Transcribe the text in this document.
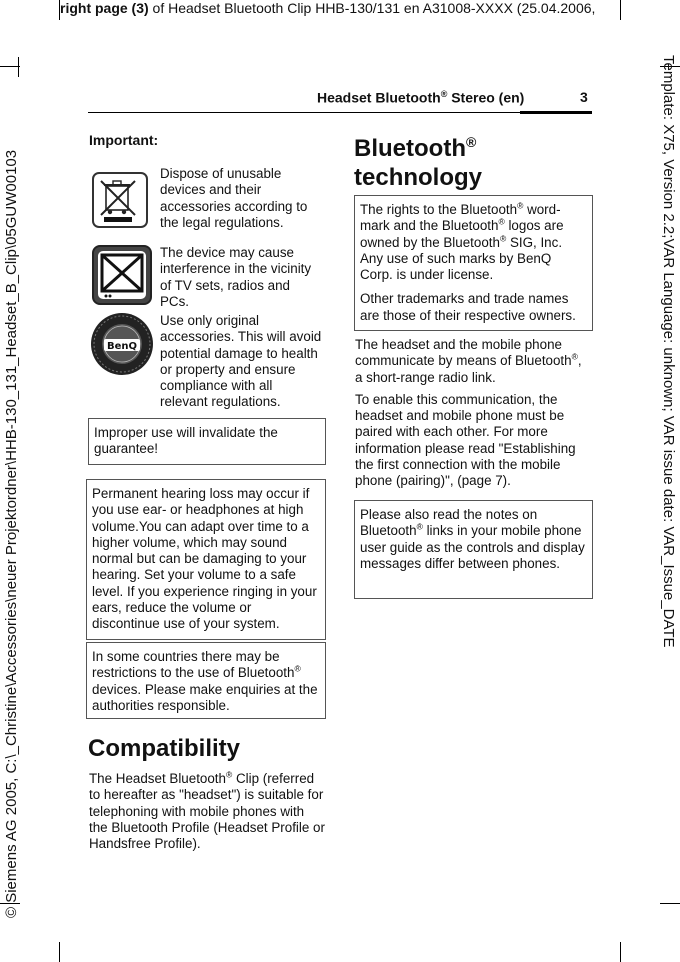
right page (3) of Headset Bluetooth Clip HHB-130/131 en A31008-XXXX (25.04.2006,
© Siemens AG 2005, C:\_Christine\Accessories\neuer Projektordner\HHB-130_131_Headset_B_Clip\05GUW00103	Template: X75, Version 2.2;VAR Language: unknown; VAR issue date: VAR_Issue_DATE
Headset Bluetooth® Stereo (en)	3
Important:
Dispose of unusable devices and their accessories according to the legal regulations.
The device may cause interference in the vicinity of TV sets, radios and PCs.
BenQ
Use only original accessories. This will avoid potential damage to health or property and ensure compliance with all relevant regulations.

Improper use will invalidate the guarantee!

Permanent hearing loss may occur if you use ear- or headphones at high volume.You can adapt over time to a higher volume, which may sound normal but can be damaging to your hearing. Set your volume to a safe level. If you experience ringing in your ears, reduce the volume or discontinue use of your system.

In some countries there may be restrictions to the use of Bluetooth® devices. Please make enquiries at the authorities responsible.

Compatibility
The Headset Bluetooth® Clip (referred to hereafter as "headset") is suitable for telephoning with mobile phones with the Bluetooth Profile (Headset Profile or Handsfree Profile).
Bluetooth®
technology

The rights to the Bluetooth® word-mark and the Bluetooth® logos are owned by the Bluetooth® SIG, Inc. Any use of such marks by BenQ Corp. is under license.

Other trademarks and trade names are those of their respective owners.

The headset and the mobile phone communicate by means of Bluetooth®, a short-range radio link.

To enable this communication, the headset and mobile phone must be paired with each other. For more information please read "Establishing the first connection with the mobile phone (pairing)", (page 7).

Please also read the notes on Bluetooth® links in your mobile phone user guide as the controls and display messages differ between phones.
